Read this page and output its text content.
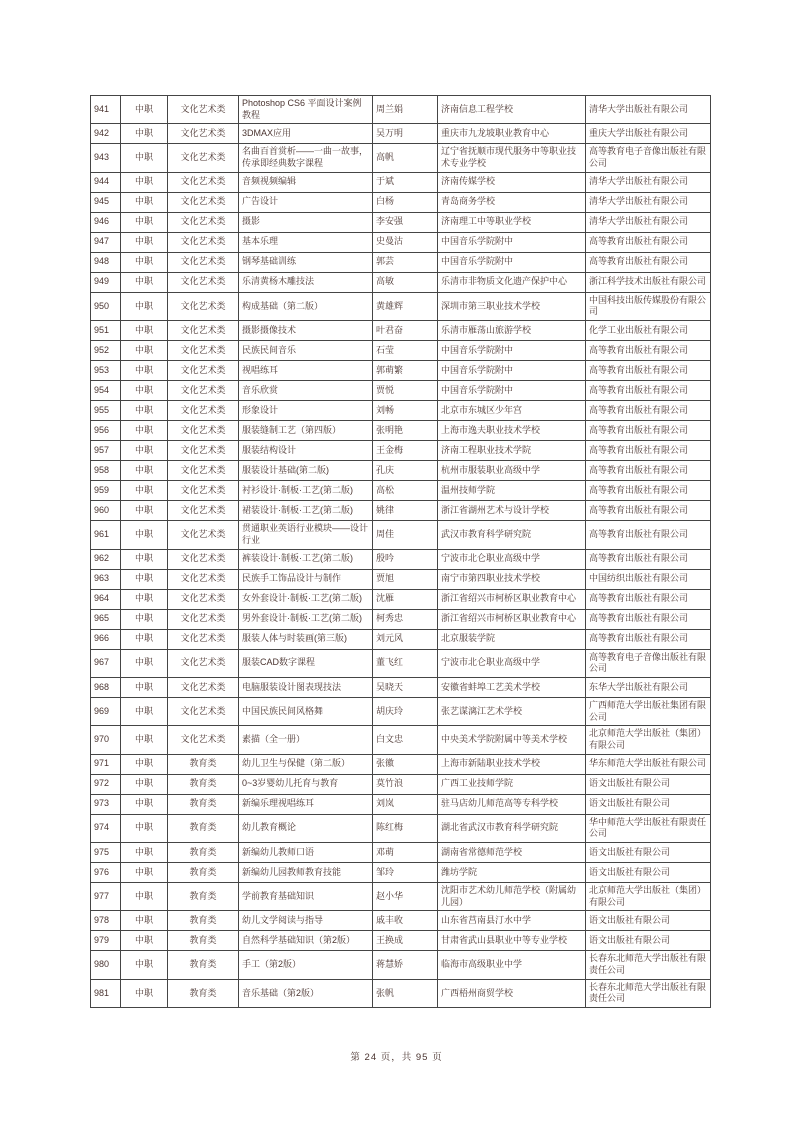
941	中职	文化艺术类	Photoshop CS6 平面设计案例教程	周兰娟	济南信息工程学校	清华大学出版社有限公司
942	中职	文化艺术类	3DMAX应用	吴万明	重庆市九龙坡职业教育中心	重庆大学出版社有限公司
943	中职	文化艺术类	名曲百首赏析——一曲一故事，传承即经典数字课程	高帆	辽宁省抚顺市现代服务中等职业技术专业学校	高等教育电子音像出版社有限公司
944	中职	文化艺术类	音频视频编辑	于斌	济南传媒学校	清华大学出版社有限公司
945	中职	文化艺术类	广告设计	白杨	青岛商务学校	清华大学出版社有限公司
946	中职	文化艺术类	摄影	李安强	济南理工中等职业学校	清华大学出版社有限公司
947	中职	文化艺术类	基本乐理	史曼沽	中国音乐学院附中	高等教育出版社有限公司
948	中职	文化艺术类	钢琴基础训练	郭芸	中国音乐学院附中	高等教育出版社有限公司
949	中职	文化艺术类	乐清黄杨木雕技法	高敏	乐清市非物质文化遗产保护中心	浙江科学技术出版社有限公司
950	中职	文化艺术类	构成基础（第二版）	黄雄辉	深圳市第三职业技术学校	中国科技出版传媒股份有限公司
951	中职	文化艺术类	摄影摄像技术	叶君奋	乐清市雁荡山旅游学校	化学工业出版社有限公司
952	中职	文化艺术类	民族民间音乐	石莹	中国音乐学院附中	高等教育出版社有限公司
953	中职	文化艺术类	视唱练耳	郭萌繁	中国音乐学院附中	高等教育出版社有限公司
954	中职	文化艺术类	音乐欣赏	贾悦	中国音乐学院附中	高等教育出版社有限公司
955	中职	文化艺术类	形象设计	刘畅	北京市东城区少年宫	高等教育出版社有限公司
956	中职	文化艺术类	服装缝制工艺（第四版）	张明艳	上海市逸夫职业技术学校	高等教育出版社有限公司
957	中职	文化艺术类	服装结构设计	王金梅	济南工程职业技术学院	高等教育出版社有限公司
958	中职	文化艺术类	服装设计基础(第二版)	孔庆	杭州市服装职业高级中学	高等教育出版社有限公司
959	中职	文化艺术类	衬衫设计·制板·工艺(第二版)	高松	温州技师学院	高等教育出版社有限公司
960	中职	文化艺术类	裙装设计·制板·工艺(第二版)	姚律	浙江省湖州艺术与设计学校	高等教育出版社有限公司
961	中职	文化艺术类	贯通职业英语行业模块——设计行业	周佳	武汉市教育科学研究院	高等教育出版社有限公司
962	中职	文化艺术类	裤装设计·制板·工艺(第二版)	殷吟	宁波市北仑职业高级中学	高等教育出版社有限公司
963	中职	文化艺术类	民族手工饰品设计与制作	贾旭	南宁市第四职业技术学校	中国纺织出版社有限公司
964	中职	文化艺术类	女外套设计·制板·工艺(第二版)	沈雁	浙江省绍兴市柯桥区职业教育中心	高等教育出版社有限公司
965	中职	文化艺术类	男外套设计·制板·工艺(第二版)	柯秀忠	浙江省绍兴市柯桥区职业教育中心	高等教育出版社有限公司
966	中职	文化艺术类	服装人体与时装画(第三版)	刘元风	北京服装学院	高等教育出版社有限公司
967	中职	文化艺术类	服装CAD数字课程	董飞红	宁波市北仑职业高级中学	高等教育电子音像出版社有限公司
968	中职	文化艺术类	电脑服装设计图表现技法	吴晓天	安徽省蚌埠工艺美术学校	东华大学出版社有限公司
969	中职	文化艺术类	中国民族民间风格舞	胡庆玲	张艺谋漓江艺术学校	广西师范大学出版社集团有限公司
970	中职	文化艺术类	素描（全一册）	白文忠	中央美术学院附属中等美术学校	北京师范大学出版社（集团）有限公司
971	中职	教育类	幼儿卫生与保健（第二版）	张徽	上海市新陆职业技术学校	华东师范大学出版社有限公司
972	中职	教育类	0~3岁婴幼儿托育与教育	莫竹浪	广西工业技师学院	语文出版社有限公司
973	中职	教育类	新编乐理视唱练耳	刘岚	驻马店幼儿师范高等专科学校	语文出版社有限公司
974	中职	教育类	幼儿教育概论	陈红梅	湖北省武汉市教育科学研究院	华中师范大学出版社有限责任公司
975	中职	教育类	新编幼儿教师口语	邓萌	湖南省常德师范学校	语文出版社有限公司
976	中职	教育类	新编幼儿园教师教育技能	邹玲	潍坊学院	语文出版社有限公司
977	中职	教育类	学前教育基础知识	赵小华	沈阳市艺术幼儿师范学校（附属幼儿园）	北京师范大学出版社（集团）有限公司
978	中职	教育类	幼儿文学阅读与指导	戚丰收	山东省莒南县汀水中学	语文出版社有限公司
979	中职	教育类	自然科学基础知识（第2版）	王换成	甘肃省武山县职业中等专业学校	语文出版社有限公司
980	中职	教育类	手工（第2版）	蒋慧娇	临海市高级职业中学	长春东北师范大学出版社有限责任公司
981	中职	教育类	音乐基础（第2版）	张帆	广西梧州商贸学校	长春东北师范大学出版社有限责任公司
第 24 页，共 95 页
